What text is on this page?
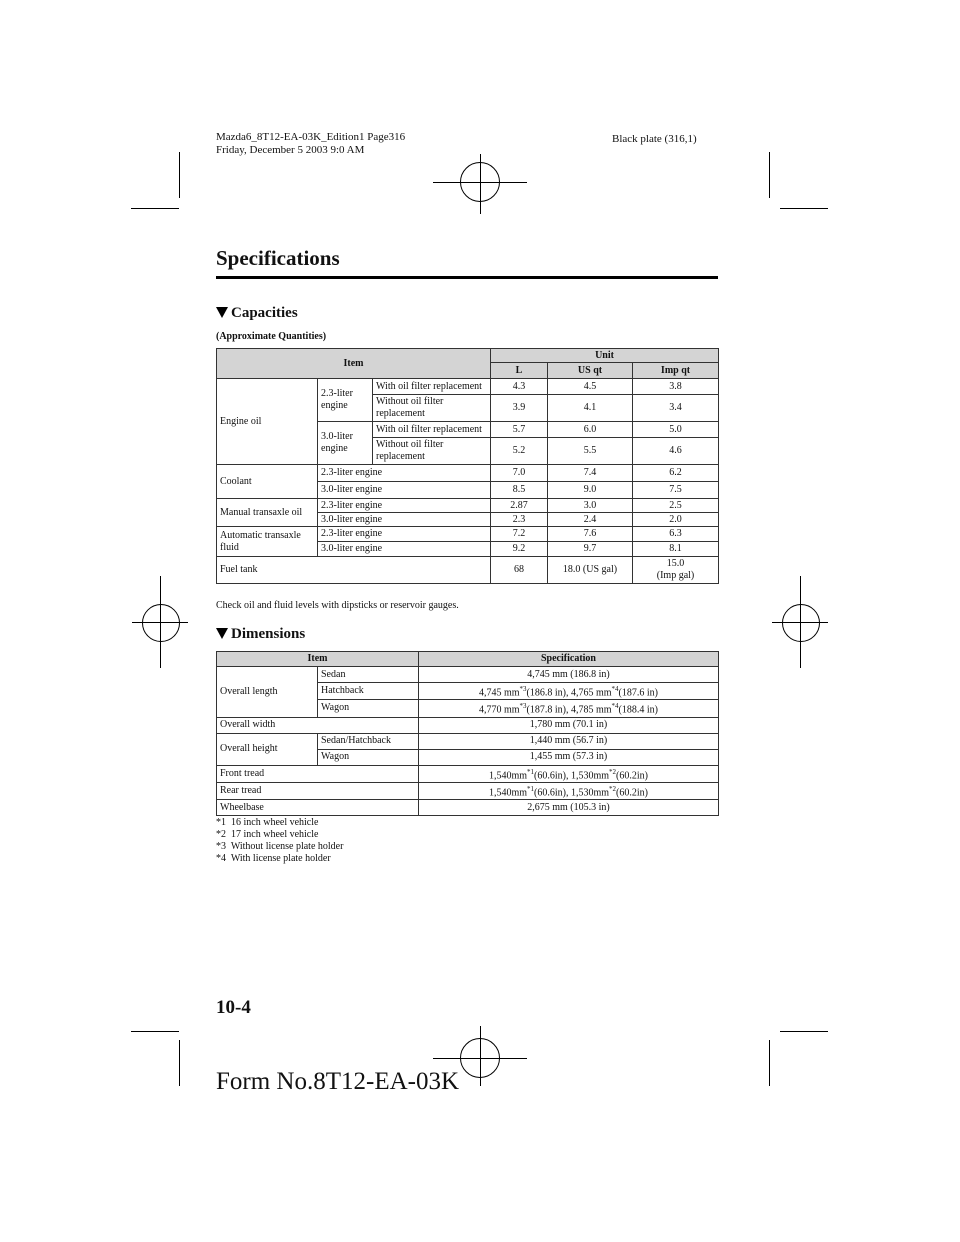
Mazda6_8T12-EA-03K_Edition1 Page316
Friday, December 5 2003 9:0 AM
Black plate (316,1)
Specifications
Capacities
(Approximate Quantities)
Item			Unit		
			L	US qt	Imp qt
Engine oil	2.3-liter engine	With oil filter replacement	4.3	4.5	3.8
		Without oil filter replacement	3.9	4.1	3.4
	3.0-liter engine	With oil filter replacement	5.7	6.0	5.0
		Without oil filter replacement	5.2	5.5	4.6
Coolant	2.3-liter engine		7.0	7.4	6.2
	3.0-liter engine		8.5	9.0	7.5
Manual transaxle oil	2.3-liter engine		2.87	3.0	2.5
	3.0-liter engine		2.3	2.4	2.0
Automatic transaxle fluid	2.3-liter engine		7.2	7.6	6.3
	3.0-liter engine		9.2	9.7	8.1
Fuel tank			68	18.0 (US gal)	15.0
(Imp gal)
Check oil and fluid levels with dipsticks or reservoir gauges.
Dimensions
Item		Specification
Overall length	Sedan	4,745 mm (186.8 in)
	Hatchback	4,745 $mm^{*3}(186.8$ in), 4,765 $mm^{*4}(187.6$ in)
	Wagon	4,770 $mm^{*3}(187.8$ in), 4,785 $mm^{*4}(188.4$ in)
Overall width		1,780 mm (70.1 in)
Overall height	Sedan/Hatchback	1,440 mm (56.7 in)
	Wagon	1,455 mm (57.3 in)
Front tread		$1,540mm^{*1}(60.6in)$, $1,530mm^{*2}(60.2in)$
Rear tread		$1,540mm^{*1}(60.6in)$, $1,530mm^{*2}(60.2in)$
Wheelbase		2,675 mm (105.3 in)
*1  16 inch wheel vehicle
*2  17 inch wheel vehicle
*3  Without license plate holder
*4  With license plate holder
10-4
Form No.8T12-EA-03K
